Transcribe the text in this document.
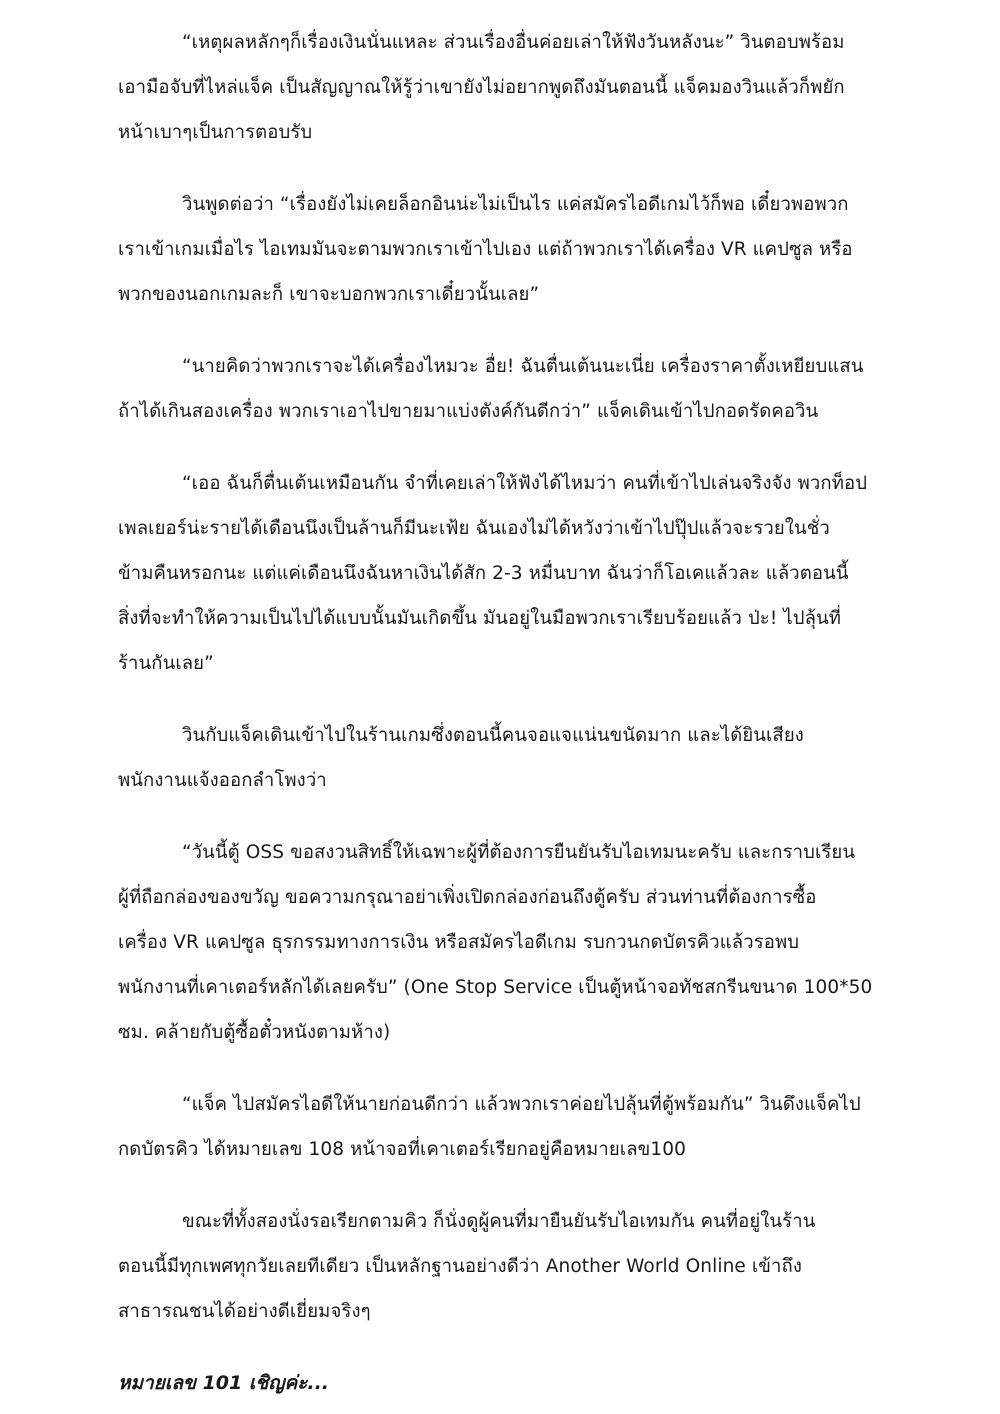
“เหตุผลหลักๆก็เรื่องเงินนั่นแหละ ส่วนเรื่องอื่นค่อยเล่าให้ฟังวันหลังนะ” วินตอบพร้อม
เอามือจับที่ไหล่แจ็ค เป็นสัญญาณให้รู้ว่าเขายังไม่อยากพูดถึงมันตอนนี้ แจ็คมองวินแล้วก็พยัก
หน้าเบาๆเป็นการตอบรับ

วินพูดต่อว่า “เรื่องยังไม่เคยล็อกอินน่ะไม่เป็นไร แค่สมัครไอดีเกมไว้ก็พอ เดี๋ยวพอพวก
เราเข้าเกมเมื่อไร ไอเทมมันจะตามพวกเราเข้าไปเอง แต่ถ้าพวกเราได้เครื่อง VR แคปซูล หรือ
พวกของนอกเกมละก็ เขาจะบอกพวกเราเดี๋ยวนั้นเลย”

“นายคิดว่าพวกเราจะได้เครื่องไหมวะ อื่ย! ฉันตื่นเต้นนะเนี่ย เครื่องราคาตั้งเหยียบแสน
ถ้าได้เกินสองเครื่อง พวกเราเอาไปขายมาแบ่งตังค์กันดีกว่า” แจ็คเดินเข้าไปกอดรัดคอวิน

“เออ ฉันก็ตื่นเต้นเหมือนกัน จำที่เคยเล่าให้ฟังได้ไหมว่า คนที่เข้าไปเล่นจริงจัง พวกท็อป
เพลเยอร์น่ะรายได้เดือนนึงเป็นล้านก็มีนะเฟ้ย ฉันเองไม่ได้หวังว่าเข้าไปปุ๊ปแล้วจะรวยในชั่ว
ข้ามคืนหรอกนะ แต่แค่เดือนนึงฉันหาเงินได้สัก 2-3 หมื่นบาท ฉันว่าก็โอเคแล้วละ แล้วตอนนี้
สิ่งที่จะทำให้ความเป็นไปได้แบบนั้นมันเกิดขึ้น มันอยู่ในมือพวกเราเรียบร้อยแล้ว ป่ะ! ไปลุ้นที่
ร้านกันเลย”

วินกับแจ็คเดินเข้าไปในร้านเกมซึ่งตอนนี้คนจอแจแน่นขนัดมาก และได้ยินเสียง
พนักงานแจ้งออกลำโพงว่า

“วันนี้ตู้ OSS ขอสงวนสิทธิ์ให้เฉพาะผู้ที่ต้องการยืนยันรับไอเทมนะครับ และกราบเรียน
ผู้ที่ถือกล่องของขวัญ ขอความกรุณาอย่าเพิ่งเปิดกล่องก่อนถึงตู้ครับ ส่วนท่านที่ต้องการซื้อ
เครื่อง VR แคปซูล ธุรกรรมทางการเงิน หรือสมัครไอดีเกม รบกวนกดบัตรคิวแล้วรอพบ
พนักงานที่เคาเตอร์หลักได้เลยครับ” (One Stop Service เป็นตู้หน้าจอทัชสกรีนขนาด 100*50
ซม. คล้ายกับตู้ซื้อตั๋วหนังตามห้าง)

“แจ็ค ไปสมัครไอดีให้นายก่อนดีกว่า แล้วพวกเราค่อยไปลุ้นที่ตู้พร้อมกัน” วินดึงแจ็คไป
กดบัตรคิว ได้หมายเลข 108 หน้าจอที่เคาเตอร์เรียกอยู่คือหมายเลข100

ขณะที่ทั้งสองนั่งรอเรียกตามคิว ก็นั่งดูผู้คนที่มายืนยันรับไอเทมกัน คนที่อยู่ในร้าน
ตอนนี้มีทุกเพศทุกวัยเลยทีเดียว เป็นหลักฐานอย่างดีว่า Another World Online เข้าถึง
สาธารณชนได้อย่างดีเยี่ยมจริงๆ

หมายเลข 101 เชิญค่ะ...
